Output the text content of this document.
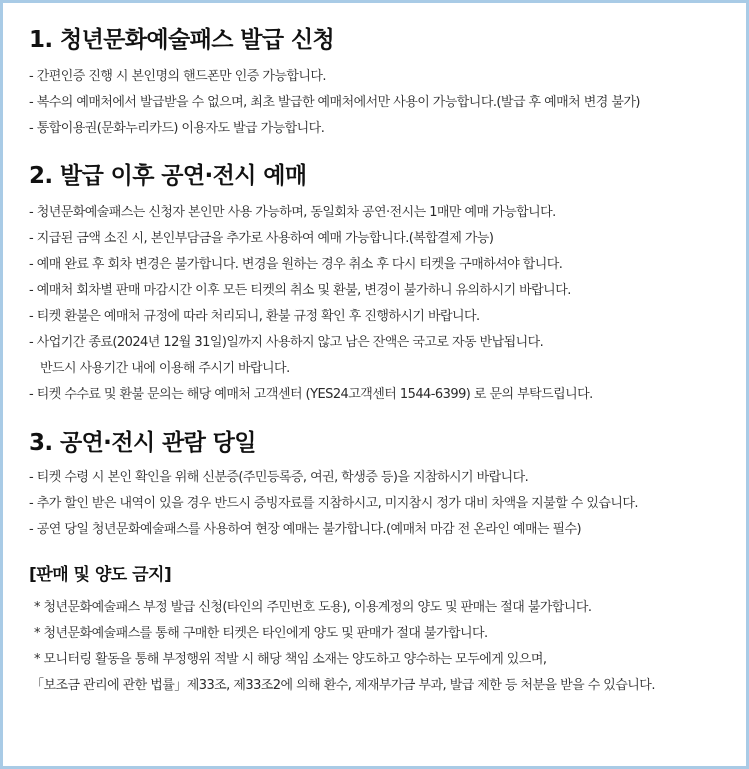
1. 청년문화예술패스 발급 신청
- 간편인증 진행 시 본인명의 핸드폰만 인증 가능합니다.
- 복수의 예매처에서 발급받을 수 없으며, 최초 발급한 예매처에서만 사용이 가능합니다.(발급 후 예매처 변경 불가)
- 통합이용권(문화누리카드) 이용자도 발급 가능합니다.
2. 발급 이후 공연·전시 예매
- 청년문화예술패스는 신청자 본인만 사용 가능하며, 동일회차 공연·전시는 1매만 예매 가능합니다.
- 지급된 금액 소진 시, 본인부담금을 추가로 사용하여 예매 가능합니다.(복합결제 가능)
- 예매 완료 후 회차 변경은 불가합니다. 변경을 원하는 경우 취소 후 다시 티켓을 구매하셔야 합니다.
- 예매처 회차별 판매 마감시간 이후 모든 티켓의 취소 및 환불, 변경이 불가하니 유의하시기 바랍니다.
- 티켓 환불은 예매처 규정에 따라 처리되니, 환불 규정 확인 후 진행하시기 바랍니다.
- 사업기간 종료(2024년 12월 31일)일까지 사용하지 않고 남은 잔액은 국고로 자동 반납됩니다.
반드시 사용기간 내에 이용해 주시기 바랍니다.
- 티켓 수수료 및 환불 문의는 해당 예매처 고객센터 (YES24고객센터 1544-6399) 로 문의 부탁드립니다.
3. 공연·전시 관람 당일
- 티켓 수령 시 본인 확인을 위해 신분증(주민등록증, 여권, 학생증 등)을 지참하시기 바랍니다.
- 추가 할인 받은 내역이 있을 경우 반드시 증빙자료를 지참하시고, 미지참시 정가 대비 차액을 지불할 수 있습니다.
- 공연 당일 청년문화예술패스를 사용하여 현장 예매는 불가합니다.(예매처 마감 전 온라인 예매는 필수)
[판매 및 양도 금지]
* 청년문화예술패스 부정 발급 신청(타인의 주민번호 도용), 이용계정의 양도 및 판매는 절대 불가합니다.
* 청년문화예술패스를 통해 구매한 티켓은 타인에게 양도 및 판매가 절대 불가합니다.
* 모니터링 활동을 통해 부정행위 적발 시 해당 책임 소재는 양도하고 양수하는 모두에게 있으며,
「보조금 관리에 관한 법률」제33조, 제33조2에 의해 환수, 제재부가금 부과, 발급 제한 등 처분을 받을 수 있습니다.
